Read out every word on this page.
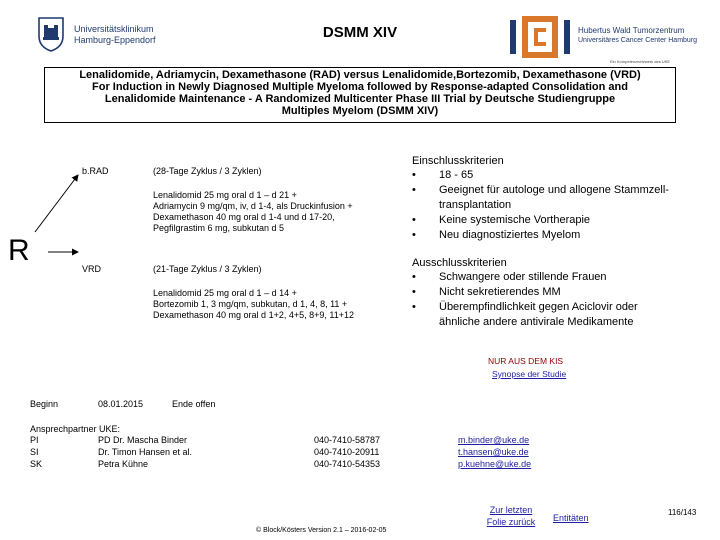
Universitätsklinikum
Hamburg-Eppendorf	DSMM XIV	Hubertus Wald Tumorzentrum
Universitäres Cancer Center Hamburg
Ein Kompetenznetzwerk des UKE
Lenalidomide, Adriamycin, Dexamethasone (RAD) versus Lenalidomide,Bortezomib, Dexamethasone (VRD)
For Induction in Newly Diagnosed Multiple Myeloma followed by Response-adapted Consolidation and
Lenalidomide Maintenance - A Randomized Multicenter Phase III Trial by Deutsche Studiengruppe
Multiples Myelom (DSMM XIV)
R
b.RAD	(28-Tage Zyklus / 3 Zyklen)
Lenalidomid 25 mg oral d 1 – d 21 +
Adriamycin 9 mg/qm, iv, d 1-4, als Druckinfusion +
Dexamethason 40 mg oral d 1-4 und d 17-20,
Pegfilgrastim 6 mg, subkutan d 5
VRD	(21-Tage Zyklus / 3 Zyklen)
Lenalidomid 25 mg oral d 1 – d 14 +
Bortezomib 1, 3 mg/qm, subkutan, d 1, 4, 8, 11 +
Dexamethason 40 mg oral d 1+2, 4+5, 8+9, 11+12
Einschlusskriterien
• 18 - 65
• Geeignet für autologe und allogene Stammzell-
transplantation
• Keine systemische Vortherapie
• Neu diagnostiziertes Myelom
Ausschlusskriterien
• Schwangere oder stillende Frauen
• Nicht sekretierendes MM
• Überempfindlichkeit gegen Aciclovir oder
ähnliche andere antivirale Medikamente
NUR AUS DEM KIS
Synopse der Studie
Beginn	08.01.2015	Ende offen
Ansprechpartner UKE:
PI	PD Dr. Mascha Binder	040-7410-58787	m.binder@uke.de
SI	Dr. Timon Hansen et al.	040-7410-20911	t.hansen@uke.de
SK	Petra Kühne	040-7410-54353	p.kuehne@uke.de
Zur letzten
Folie zurück	Entitäten
116/143
© Block/Kösters Version 2.1 – 2016-02-05
